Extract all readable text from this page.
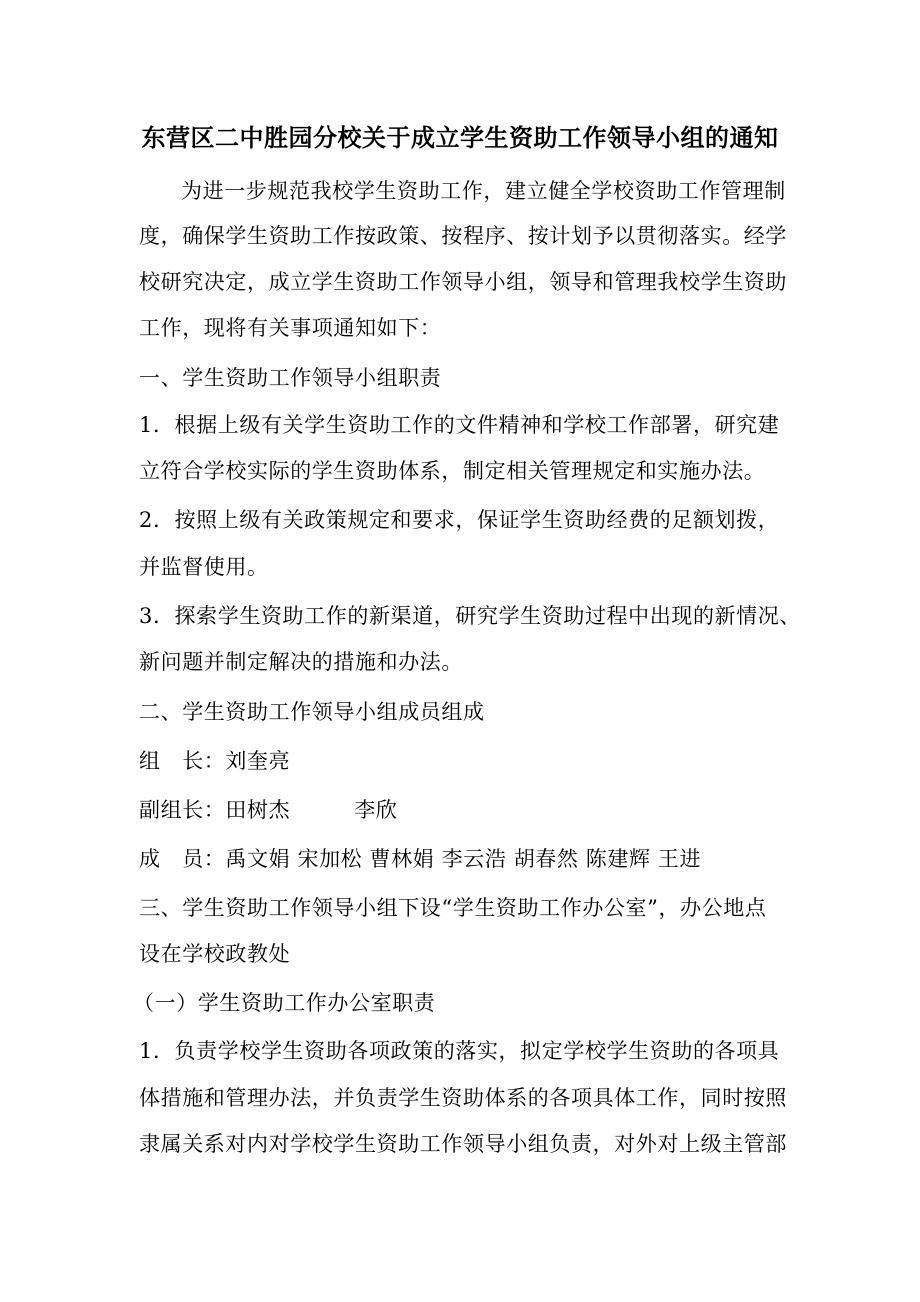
东营区二中胜园分校关于成立学生资助工作领导小组的通知
为进一步规范我校学生资助工作，建立健全学校资助工作管理制
度，确保学生资助工作按政策、按程序、按计划予以贯彻落实。经学
校研究决定，成立学生资助工作领导小组，领导和管理我校学生资助
工作，现将有关事项通知如下：
一、学生资助工作领导小组职责
1．根据上级有关学生资助工作的文件精神和学校工作部署，研究建
立符合学校实际的学生资助体系，制定相关管理规定和实施办法。
2．按照上级有关政策规定和要求，保证学生资助经费的足额划拨，
并监督使用。
3．探索学生资助工作的新渠道，研究学生资助过程中出现的新情况、
新问题并制定解决的措施和办法。
二、学生资助工作领导小组成员组成
组　长：刘奎亮
副组长：田树杰	李欣
成　员：禹文娟 宋加松 曹林娟 李云浩 胡春然 陈建辉 王进
三、学生资助工作领导小组下设“学生资助工作办公室”，办公地点
设在学校政教处
（一）学生资助工作办公室职责
1．负责学校学生资助各项政策的落实，拟定学校学生资助的各项具
体措施和管理办法，并负责学生资助体系的各项具体工作，同时按照
隶属关系对内对学校学生资助工作领导小组负责，对外对上级主管部
